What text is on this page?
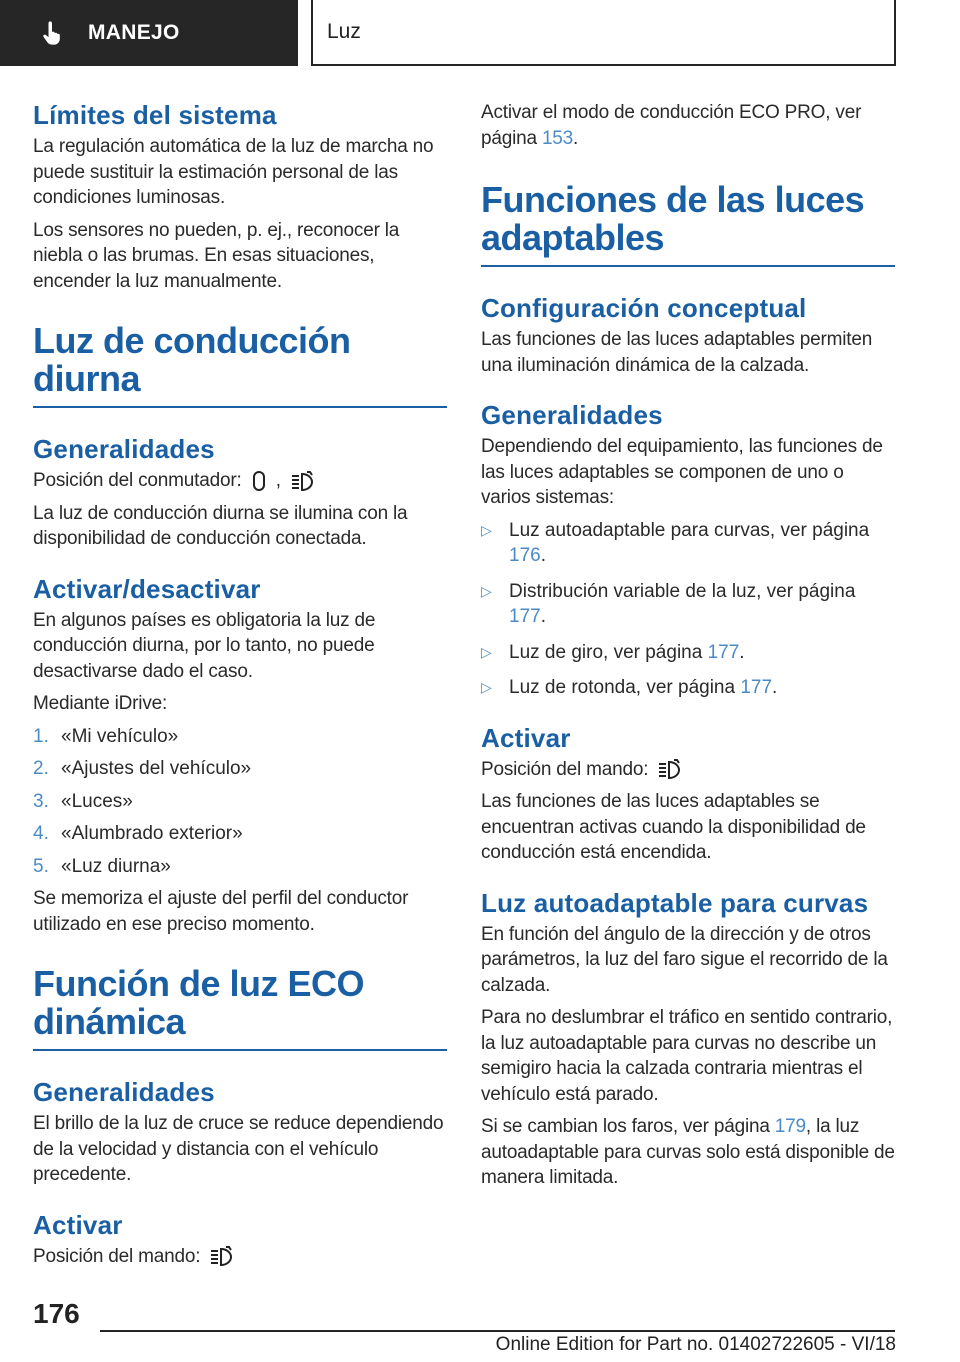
MANEJO	Luz
Límites del sistema
La regulación automática de la luz de marcha no puede sustituir la estimación personal de las condiciones luminosas.
Los sensores no pueden, p. ej., reconocer la niebla o las brumas. En esas situaciones, encender la luz manualmente.
Luz de conducción diurna
Generalidades
Posición del conmutador: ,
La luz de conducción diurna se ilumina con la disponibilidad de conducción conectada.
Activar/desactivar
En algunos países es obligatoria la luz de conducción diurna, por lo tanto, no puede desactivarse dado el caso.
Mediante iDrive:
1. «Mi vehículo»
2. «Ajustes del vehículo»
3. «Luces»
4. «Alumbrado exterior»
5. «Luz diurna»
Se memoriza el ajuste del perfil del conductor utilizado en ese preciso momento.
Función de luz ECO dinámica
Generalidades
El brillo de la luz de cruce se reduce dependiendo de la velocidad y distancia con el vehículo precedente.
Activar
Posición del mando:
Activar el modo de conducción ECO PRO, ver página 153.
Funciones de las luces adaptables
Configuración conceptual
Las funciones de las luces adaptables permiten una iluminación dinámica de la calzada.
Generalidades
Dependiendo del equipamiento, las funciones de las luces adaptables se componen de uno o varios sistemas:
▷ Luz autoadaptable para curvas, ver página 176.
▷ Distribución variable de la luz, ver página 177.
▷ Luz de giro, ver página 177.
▷ Luz de rotonda, ver página 177.
Activar
Posición del mando:
Las funciones de las luces adaptables se encuentran activas cuando la disponibilidad de conducción está encendida.
Luz autoadaptable para curvas
En función del ángulo de la dirección y de otros parámetros, la luz del faro sigue el recorrido de la calzada.
Para no deslumbrar el tráfico en sentido contrario, la luz autoadaptable para curvas no describe un semigiro hacia la calzada contraria mientras el vehículo está parado.
Si se cambian los faros, ver página 179, la luz autoadaptable para curvas solo está disponible de manera limitada.
176
Online Edition for Part no. 01402722605 - VI/18
